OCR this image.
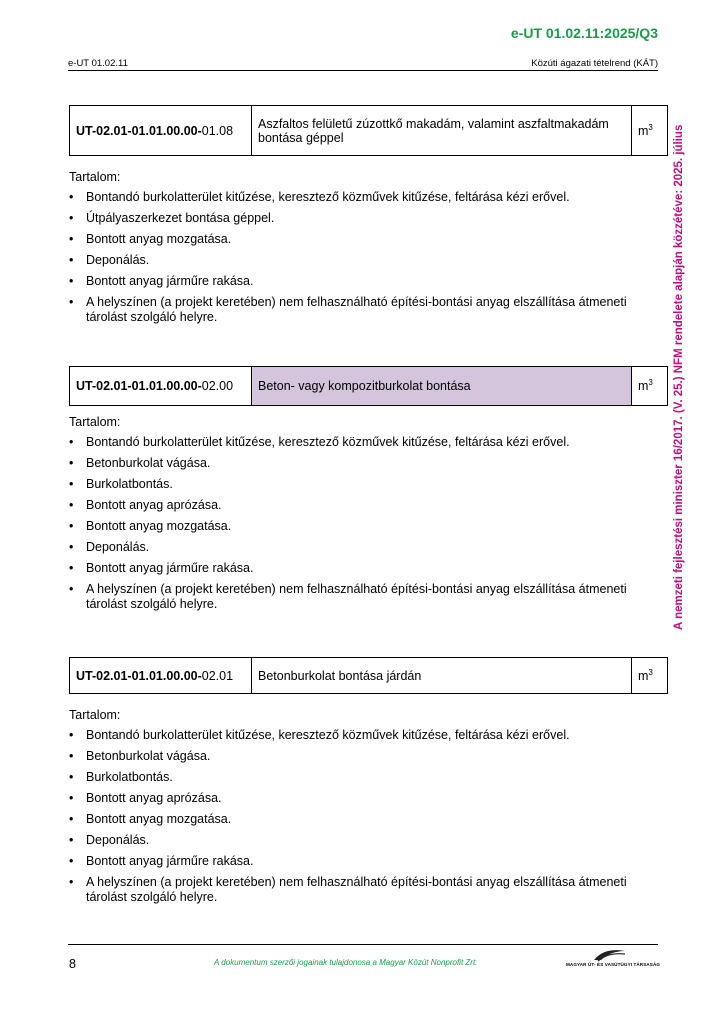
e-UT 01.02.11:2025/Q3
e-UT 01.02.11	Közúti ágazati tételrend (KÁT)
A nemzeti fejlesztési miniszter 16/2017. (V. 25.) NFM rendelete alapján közzétéve: 2025. július
UT-02.01-01.01.00.00-01.08	Aszfaltos felületű zúzottkő makadám, valamint aszfaltmakadám bontása géppel	$m^3$
Tartalom:
• Bontandó burkolatterület kitűzése, keresztező közművek kitűzése, feltárása kézi erővel.
• Útpályaszerkezet bontása géppel.
• Bontott anyag mozgatása.
• Deponálás.
• Bontott anyag járműre rakása.
• A helyszínen (a projekt keretében) nem felhasználható építési-bontási anyag elszállítása átmeneti tárolást szolgáló helyre.
UT-02.01-01.01.00.00-02.00	Beton- vagy kompozitburkolat bontása	$m^3$
Tartalom:
• Bontandó burkolatterület kitűzése, keresztező közművek kitűzése, feltárása kézi erővel.
• Betonburkolat vágása.
• Burkolatbontás.
• Bontott anyag aprózása.
• Bontott anyag mozgatása.
• Deponálás.
• Bontott anyag járműre rakása.
• A helyszínen (a projekt keretében) nem felhasználható építési-bontási anyag elszállítása átmeneti tárolást szolgáló helyre.
UT-02.01-01.01.00.00-02.01	Betonburkolat bontása járdán	$m^3$
Tartalom:
• Bontandó burkolatterület kitűzése, keresztező közművek kitűzése, feltárása kézi erővel.
• Betonburkolat vágása.
• Burkolatbontás.
• Bontott anyag aprózása.
• Bontott anyag mozgatása.
• Deponálás.
• Bontott anyag járműre rakása.
• A helyszínen (a projekt keretében) nem felhasználható építési-bontási anyag elszállítása átmeneti tárolást szolgáló helyre.
8	A dokumentum szerzői jogainak tulajdonosa a Magyar Közút Nonprofit Zrt.	MAGYAR ÚT- ÉS VASÚTÜGYI TÁRSASÁG
